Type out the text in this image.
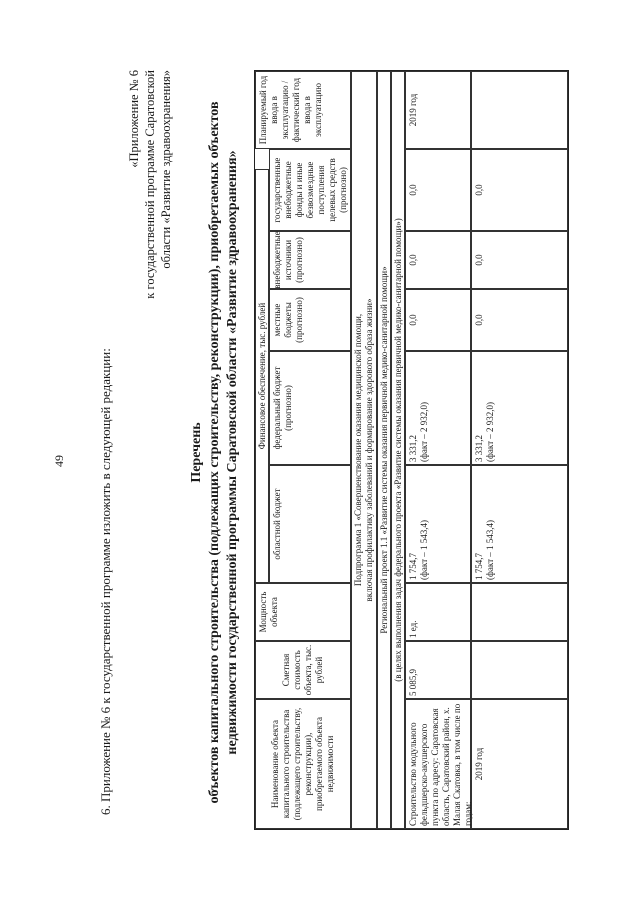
49 6. Приложение № 6 к государственной программе изложить в следующей редакции:
«Приложение № 6 к государственной программе Саратовской области «Развитие здравоохранения»
Перечень объектов капитального строительства (подлежащих строительству, реконструкции), приобретаемых объектов недвижимости государственной программы Саратовской области «Развитие здравоохранения»
Наименование объекта капитального строительства (подлежащего строительству, реконструкции), приобретаемого объекта недвижимости
Сметная стоимость объекта, тыс. рублей
Мощность объекта
Финансовое обеспечение, тыс. рублей
областной бюджет
федеральный бюджет (прогнозно)
местные бюджеты (прогнозно)
внебюджетные источники (прогнозно)
государственные внебюджетные фонды и иные безвозмездные поступления целевых средств (прогнозно)
Планируемый год ввода в эксплуатацию / фактический год ввода в эксплуатацию
Подпрограмма 1 «Совершенствование оказания медицинской помощи, включая профилактику заболеваний и формирование здорового образа жизни» Региональный проект 1.1 «Развитие системы оказания первичной медико-санитарной помощи» (в целях выполнения задач федерального проекта «Развитие системы оказания первичной медико-санитарной помощи»)
Строительство модульного фельдшерско-акушерского пункта по адресу: Саратовская область, Саратовский район, х. Малая Скатовка, в том числе по годам:
5 085,9
1 ед.
1 754,7 (факт – 1 543,4)
3 331,2 (факт – 2 932,0)
0,0
0,0
0,0
2019 год
2019 год
1 754,7 (факт – 1 543,4)
3 331,2 (факт – 2 932,0)
0,0
0,0
0,0
